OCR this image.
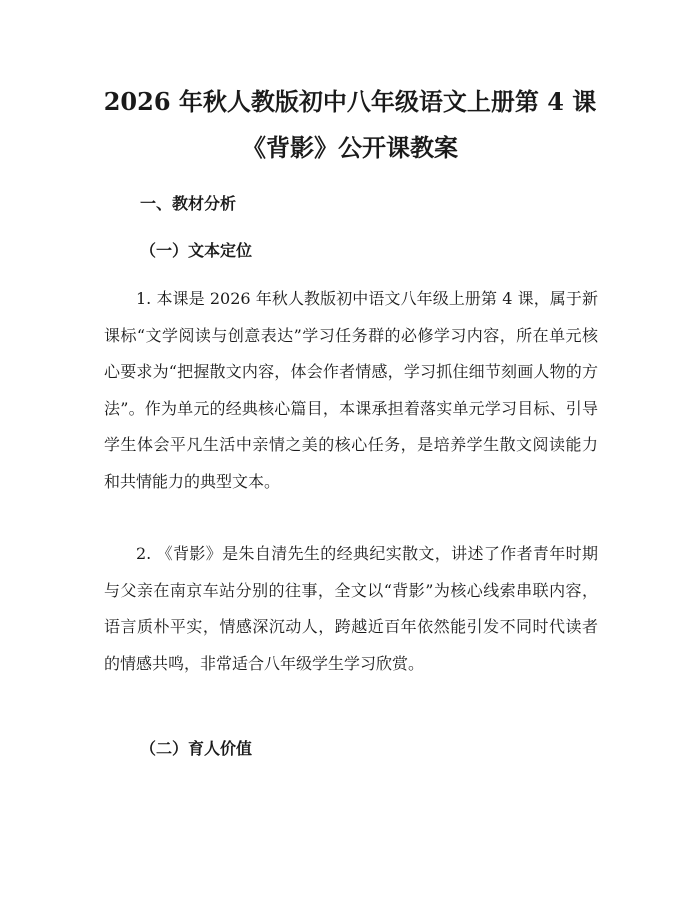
2026 年秋人教版初中八年级语文上册第 4 课
《背影》公开课教案
一、教材分析
（一）文本定位

1. 本课是 2026 年秋人教版初中语文八年级上册第 4 课，属于新课标“文学阅读与创意表达”学习任务群的必修学习内容，所在单元核心要求为“把握散文内容，体会作者情感，学习抓住细节刻画人物的方法”。作为单元的经典核心篇目，本课承担着落实单元学习目标、引导学生体会平凡生活中亲情之美的核心任务，是培养学生散文阅读能力和共情能力的典型文本。

2. 《背影》是朱自清先生的经典纪实散文，讲述了作者青年时期与父亲在南京车站分别的往事，全文以“背影”为核心线索串联内容，语言质朴平实，情感深沉动人，跨越近百年依然能引发不同时代读者的情感共鸣，非常适合八年级学生学习欣赏。

（二）育人价值
